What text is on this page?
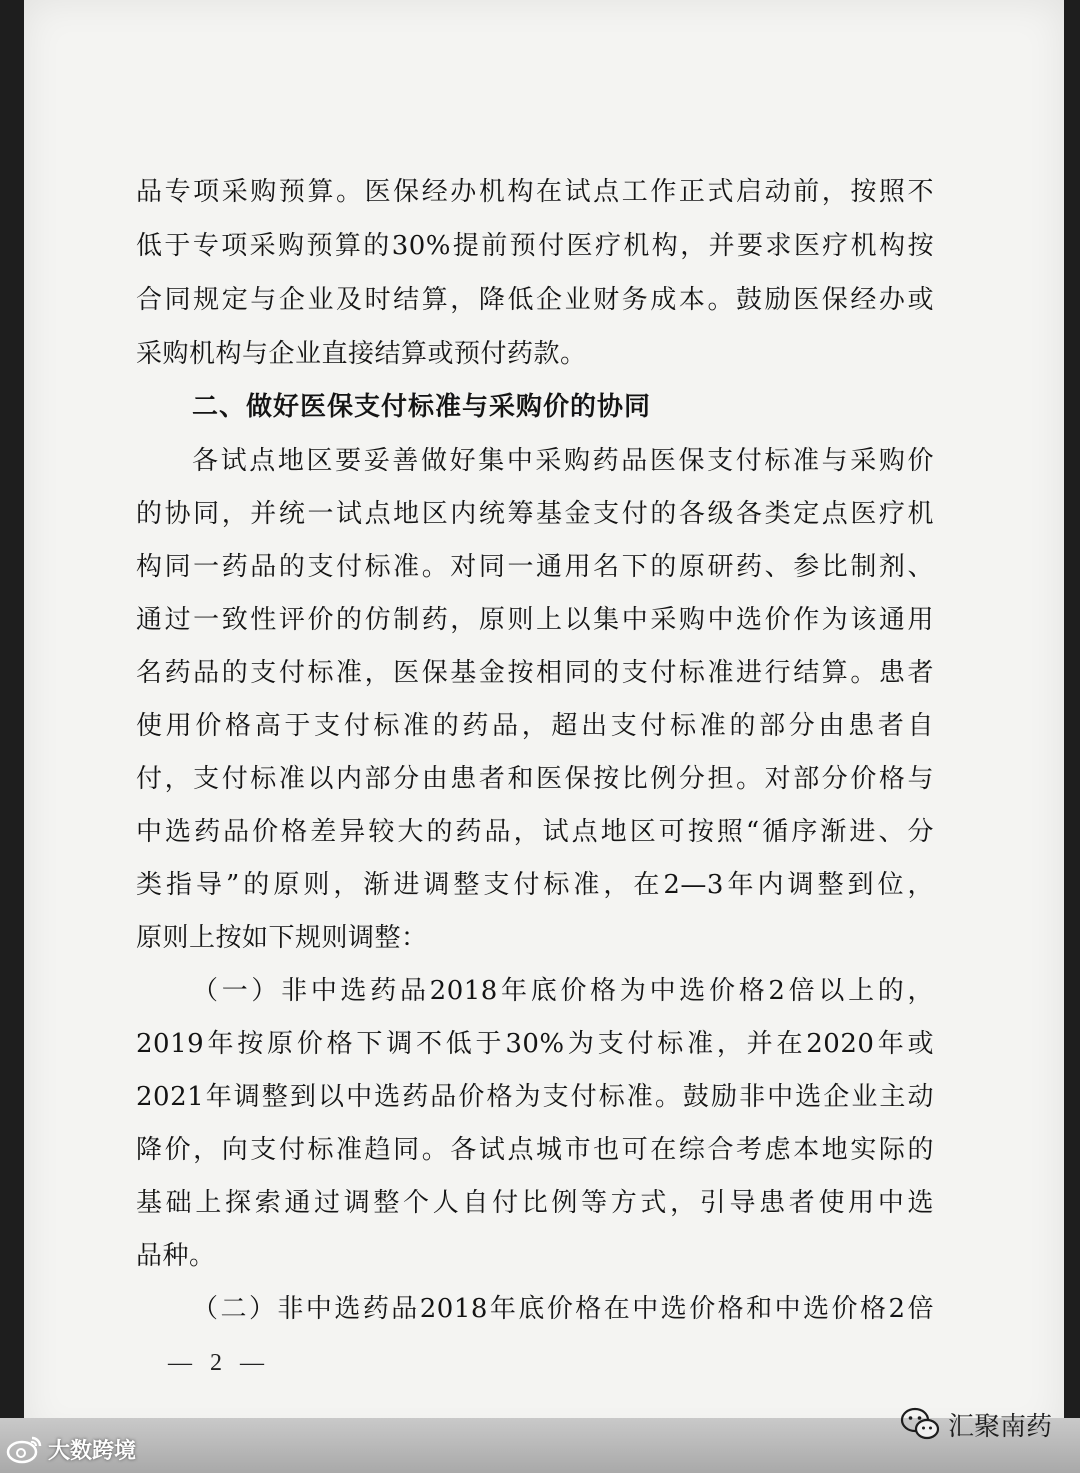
品专项采购预算。医保经办机构在试点工作正式启动前，按照不
低于专项采购预算的30%提前预付医疗机构，并要求医疗机构按
合同规定与企业及时结算，降低企业财务成本。鼓励医保经办或
采购机构与企业直接结算或预付药款。
二、做好医保支付标准与采购价的协同
各试点地区要妥善做好集中采购药品医保支付标准与采购价
的协同，并统一试点地区内统筹基金支付的各级各类定点医疗机
构同一药品的支付标准。对同一通用名下的原研药、参比制剂、
通过一致性评价的仿制药，原则上以集中采购中选价作为该通用
名药品的支付标准，医保基金按相同的支付标准进行结算。患者
使用价格高于支付标准的药品，超出支付标准的部分由患者自
付，支付标准以内部分由患者和医保按比例分担。对部分价格与
中选药品价格差异较大的药品，试点地区可按照“循序渐进、分
类指导”的原则，渐进调整支付标准，在2—3年内调整到位，
原则上按如下规则调整：
（一）非中选药品2018年底价格为中选价格2倍以上的，
2019年按原价格下调不低于30%为支付标准，并在2020年或
2021年调整到以中选药品价格为支付标准。鼓励非中选企业主动
降价，向支付标准趋同。各试点城市也可在综合考虑本地实际的
基础上探索通过调整个人自付比例等方式，引导患者使用中选
品种。
（二）非中选药品2018年底价格在中选价格和中选价格2倍
— 2 —
大数跨境
汇聚南药
